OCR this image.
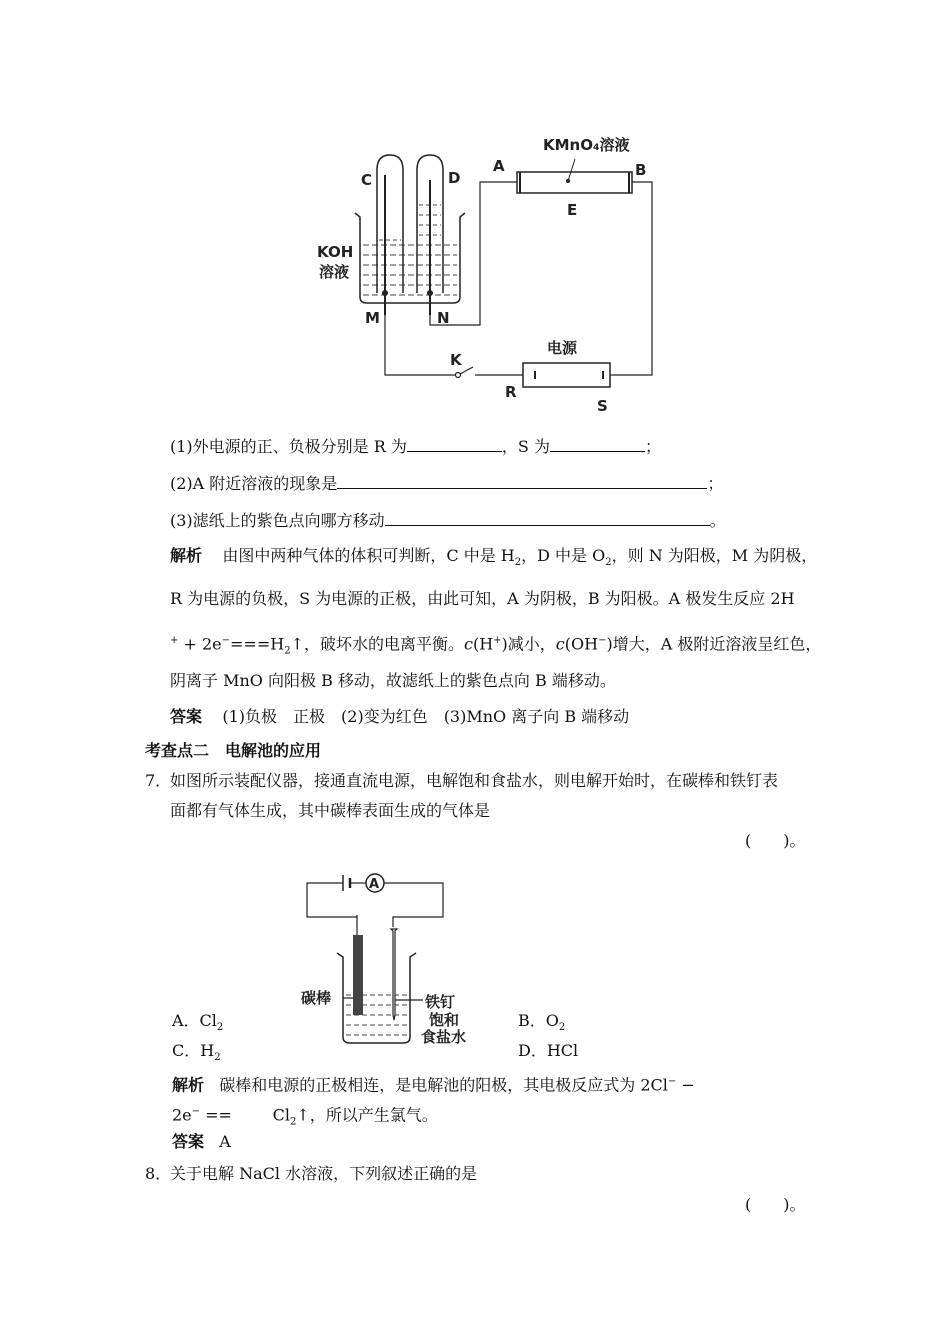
KMnO₄溶液
A	B
E
C	D
KOH
溶液
M	N
K
电源
R
S
(1)外电源的正、负极分别是 R 为	，S 为	；
(2)A 附近溶液的现象是	；
(3)滤纸上的紫色点向哪方移动	。
解析 由图中两种气体的体积可判断，C 中是 $H_2$，D 中是 $O_2$，则 N 为阳极，M 为阴极，
R 为电源的负极，S 为电源的正极，由此可知，A 为阴极，B 为阳极。A 极发生反应 2H
$^+ + 2e^-===H_2↑$，破坏水的电离平衡。c(H+)减小，c(OH−)增大，A 极附近溶液呈红色，
阴离子 MnO 向阳极 B 移动，故滤纸上的紫色点向 B 端移动。
答案 (1)负极　正极　(2)变为红色　(3)MnO 离子向 B 端移动
考查点二　电解池的应用
7．
如图所示装配仪器，接通直流电源，电解饱和食盐水，则电解开始时，在碳棒和铁钉表
面都有气体生成，其中碳棒表面生成的气体是
(　　)。
A
碳棒	铁钉
饱和
食盐水
A．$Cl_2$	B．$O_2$
C．$H_2$	D．HCl
解析 碳棒和电源的正极相连，是电解池的阳极，其电极反应式为 2Cl− −
2e− ==	$Cl_2↑$，所以产生氯气。
答案 A
8．
关于电解 NaCl 水溶液，下列叙述正确的是
(　　)。
